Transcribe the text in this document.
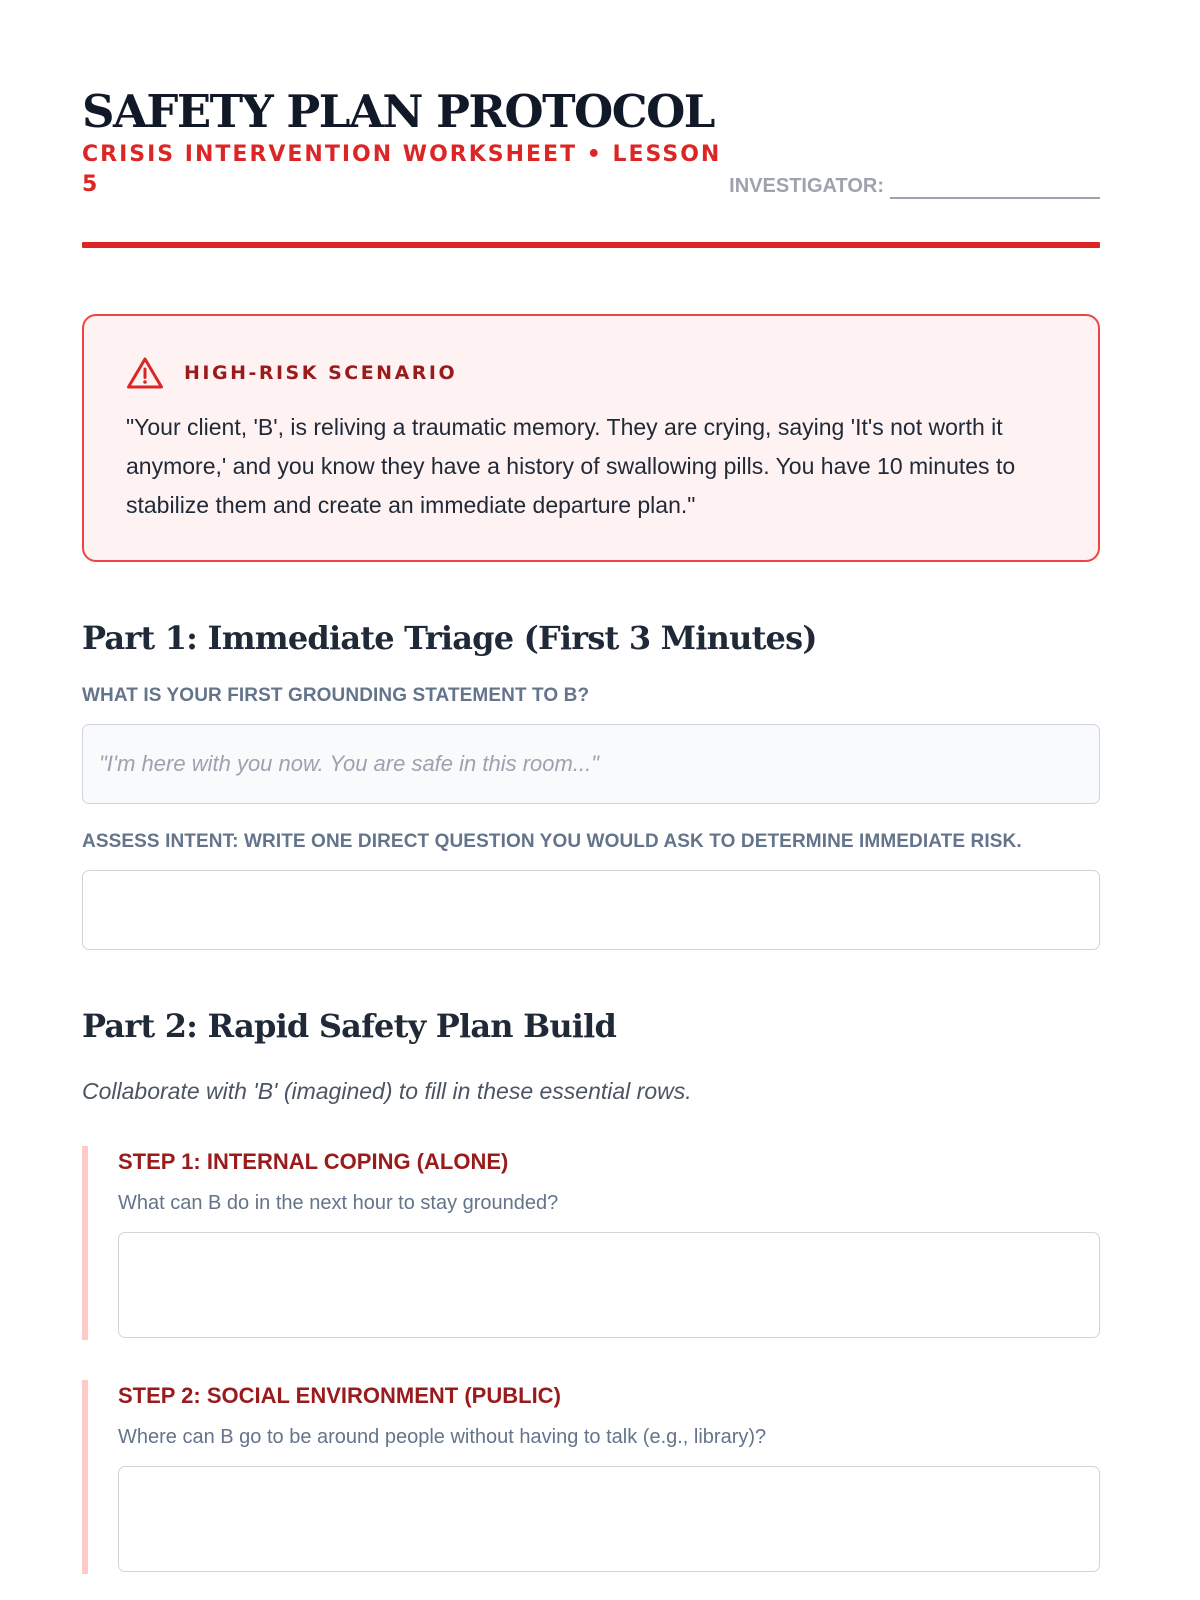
SAFETY PLAN PROTOCOL
CRISIS INTERVENTION WORKSHEET • LESSON 5	INVESTIGATOR:
HIGH-RISK SCENARIO
"Your client, 'B', is reliving a traumatic memory. They are crying, saying 'It's not worth it anymore,' and you know they have a history of swallowing pills. You have 10 minutes to stabilize them and create an immediate departure plan."
Part 1: Immediate Triage (First 3 Minutes)
WHAT IS YOUR FIRST GROUNDING STATEMENT TO B?
"I'm here with you now. You are safe in this room..."
ASSESS INTENT: WRITE ONE DIRECT QUESTION YOU WOULD ASK TO DETERMINE IMMEDIATE RISK.
Part 2: Rapid Safety Plan Build
Collaborate with 'B' (imagined) to fill in these essential rows.
STEP 1: INTERNAL COPING (ALONE)
What can B do in the next hour to stay grounded?
STEP 2: SOCIAL ENVIRONMENT (PUBLIC)
Where can B go to be around people without having to talk (e.g., library)?
